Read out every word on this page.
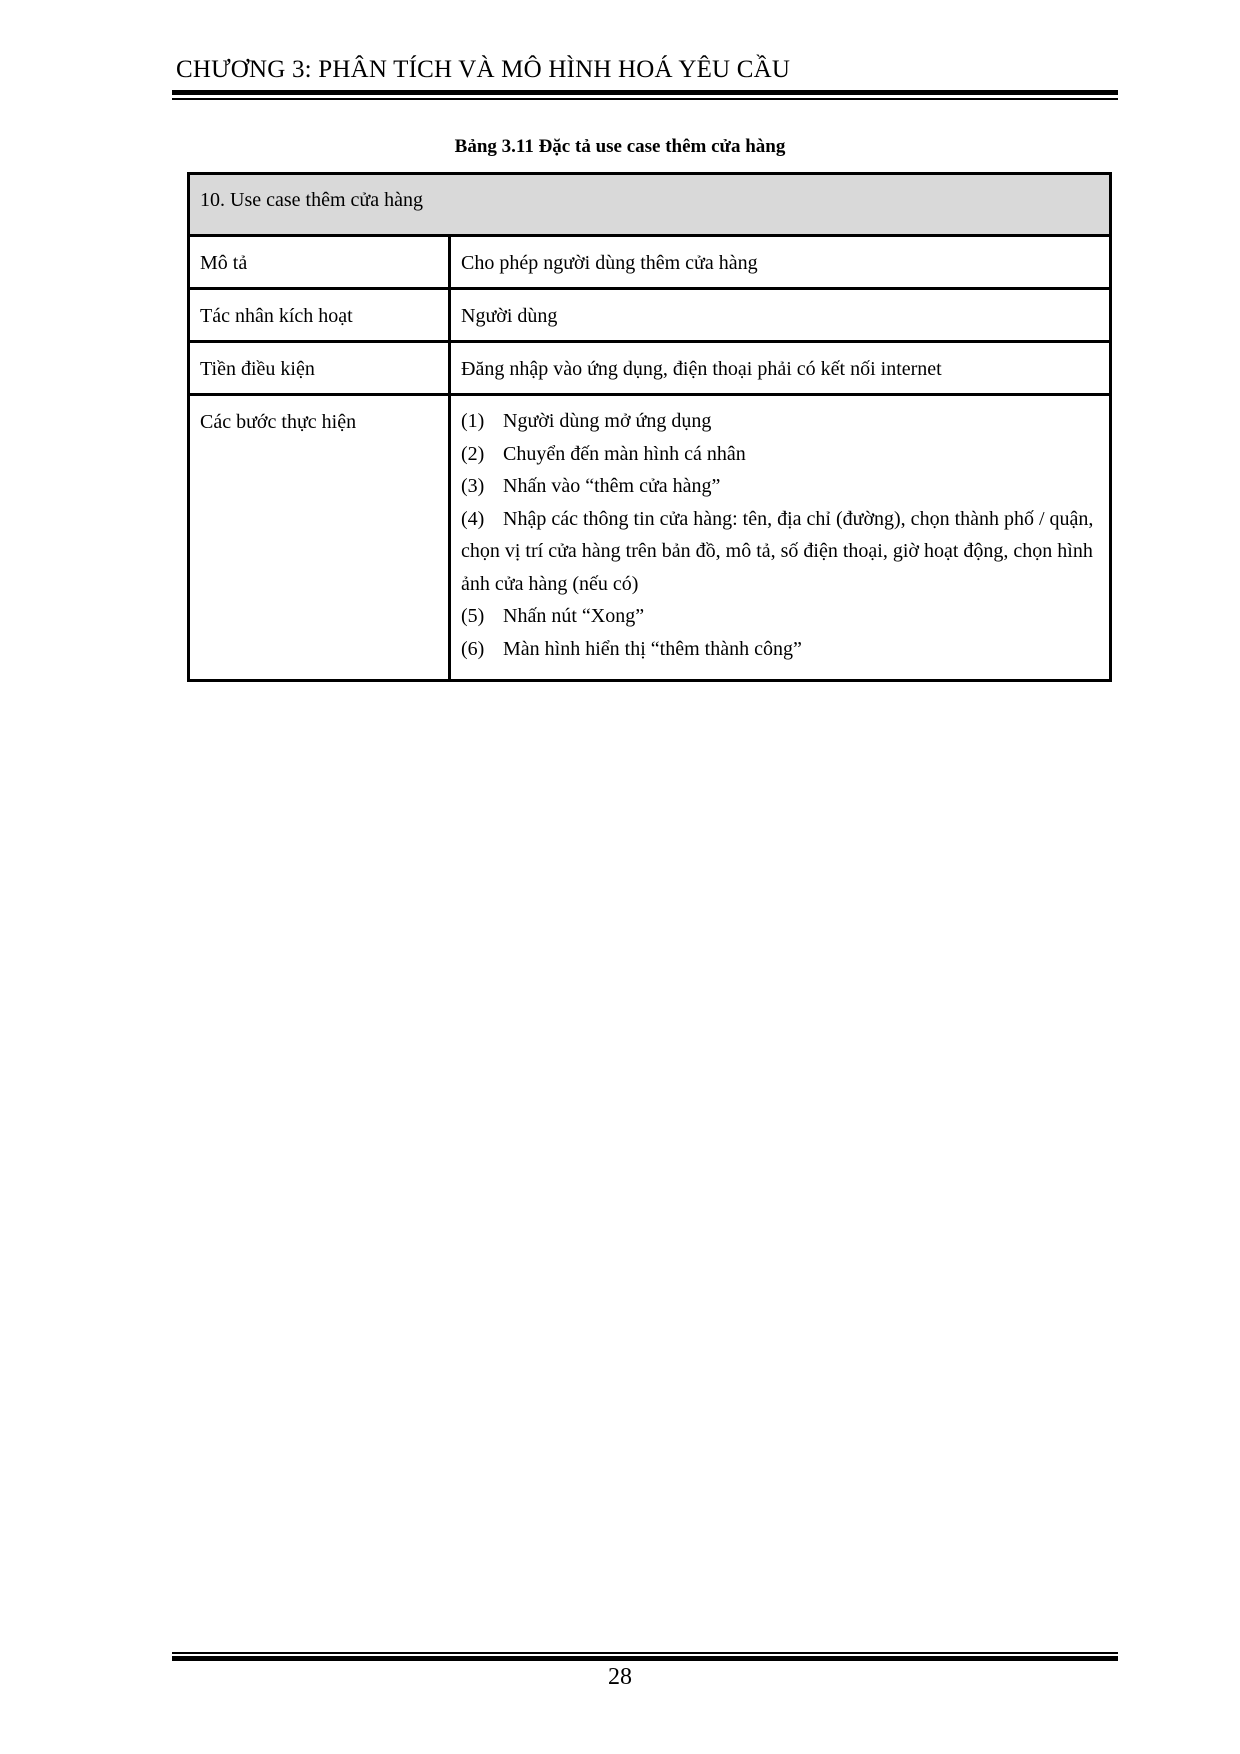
CHƯƠNG 3: PHÂN TÍCH VÀ MÔ HÌNH HOÁ YÊU CẦU
Bảng 3.11 Đặc tả use case thêm cửa hàng
10. Use case thêm cửa hàng	
Mô tả	Cho phép người dùng thêm cửa hàng
Tác nhân kích hoạt	Người dùng
Tiền điều kiện	Đăng nhập vào ứng dụng, điện thoại phải có kết nối internet
Các bước thực hiện	(1) Người dùng mở ứng dụng
(2) Chuyển đến màn hình cá nhân
(3) Nhấn vào “thêm cửa hàng”
(4) Nhập các thông tin cửa hàng: tên, địa chỉ (đường), chọn thành phố / quận, chọn vị trí cửa hàng trên bản đồ, mô tả, số điện thoại, giờ hoạt động, chọn hình ảnh cửa hàng (nếu có)
(5) Nhấn nút “Xong”
(6) Màn hình hiển thị “thêm thành công”
28
